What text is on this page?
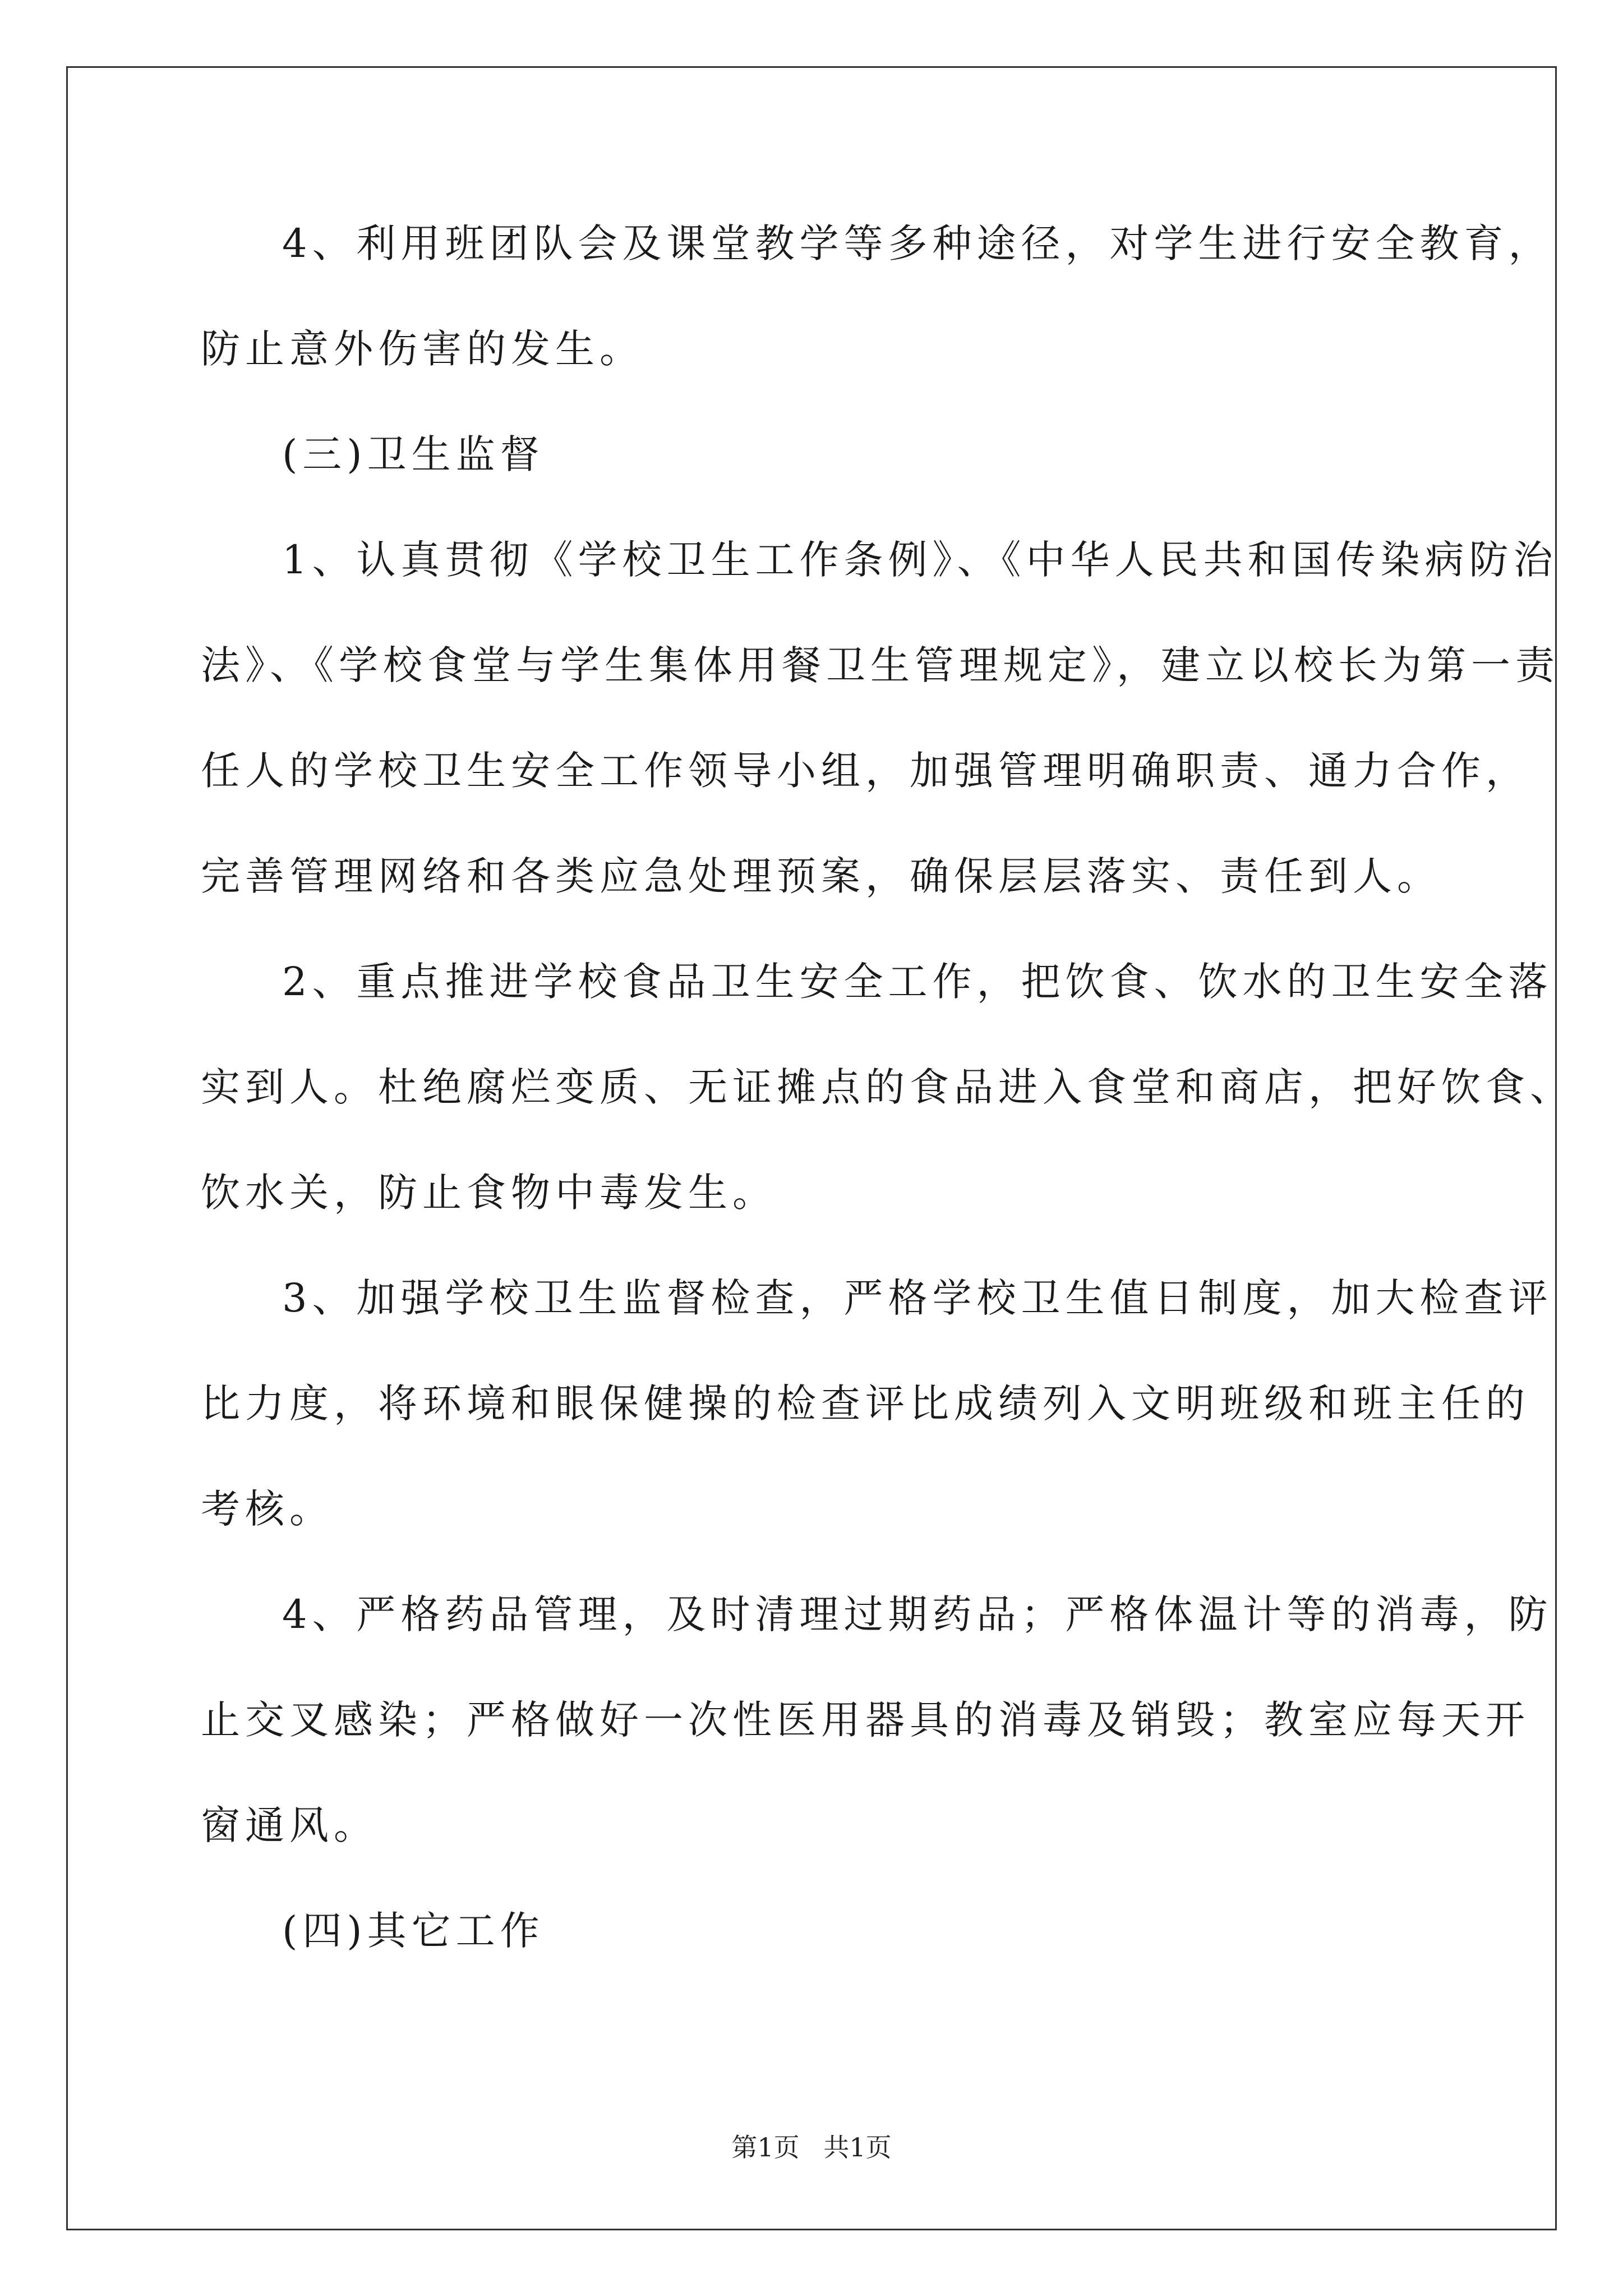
4、利用班团队会及课堂教学等多种途径，对学生进行安全教育，

防止意外伤害的发生。

(三)卫生监督

1、认真贯彻《学校卫生工作条例》、《中华人民共和国传染病防治

法》、《学校食堂与学生集体用餐卫生管理规定》，建立以校长为第一责

任人的学校卫生安全工作领导小组，加强管理明确职责、通力合作，

完善管理网络和各类应急处理预案，确保层层落实、责任到人。

2、重点推进学校食品卫生安全工作，把饮食、饮水的卫生安全落

实到人。杜绝腐烂变质、无证摊点的食品进入食堂和商店，把好饮食、

饮水关，防止食物中毒发生。

3、加强学校卫生监督检查，严格学校卫生值日制度，加大检查评

比力度，将环境和眼保健操的检查评比成绩列入文明班级和班主任的

考核。

4、严格药品管理，及时清理过期药品；严格体温计等的消毒，防

止交叉感染；严格做好一次性医用器具的消毒及销毁；教室应每天开

窗通风。

(四)其它工作

第1页 共1页
